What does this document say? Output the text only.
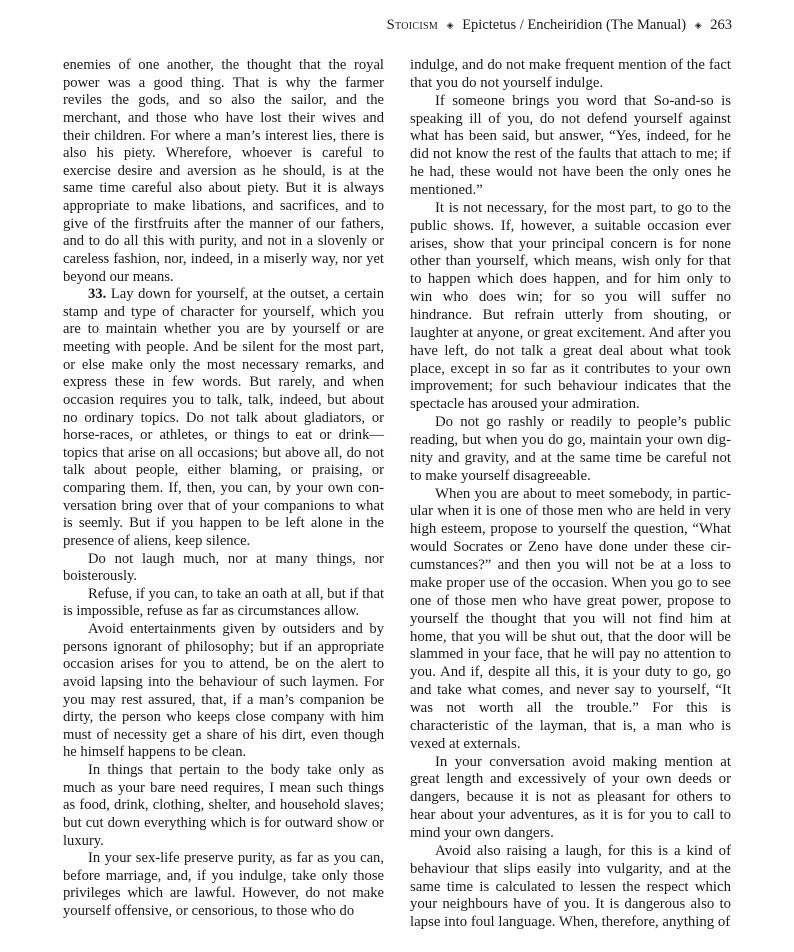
Stoicism ◈ Epictetus / Encheiridion (The Manual) ◈ 263

enemies of one another, the thought that the royal power was a good thing. That is why the farmer reviles the gods, and so also the sailor, and the merchant, and those who have lost their wives and their children. For where a man’s interest lies, there is also his piety. Wherefore, whoever is careful to exercise desire and aversion as he should, is at the same time careful also about piety. But it is always appropriate to make libations, and sacrifices, and to give of the firstfruits after the manner of our fathers, and to do all this with purity, and not in a slovenly or careless fashion, nor, indeed, in a miserly way, nor yet beyond our means.

33. Lay down for yourself, at the outset, a certain stamp and type of character for yourself, which you are to maintain whether you are by yourself or are meeting with people. And be silent for the most part, or else make only the most necessary remarks, and express these in few words. But rarely, and when occasion requires you to talk, talk, indeed, but about no ordinary topics. Do not talk about gladiators, or horse-races, or athletes, or things to eat or drink— topics that arise on all occasions; but above all, do not talk about people, either blaming, or praising, or comparing them. If, then, you can, by your own conversation bring over that of your companions to what is seemly. But if you happen to be left alone in the presence of aliens, keep silence.

Do not laugh much, nor at many things, nor boisterously.

Refuse, if you can, to take an oath at all, but if that is impossible, refuse as far as circumstances allow.

Avoid entertainments given by outsiders and by persons ignorant of philosophy; but if an appropriate occasion arises for you to attend, be on the alert to avoid lapsing into the behaviour of such laymen. For you may rest assured, that, if a man’s companion be dirty, the person who keeps close company with him must of necessity get a share of his dirt, even though he himself happens to be clean.

In things that pertain to the body take only as much as your bare need requires, I mean such things as food, drink, clothing, shelter, and household slaves; but cut down everything which is for outward show or luxury.

In your sex-life preserve purity, as far as you can, before marriage, and, if you indulge, take only those privileges which are lawful. However, do not make yourself offensive, or censorious, to those who do

indulge, and do not make frequent mention of the fact that you do not yourself indulge.

If someone brings you word that So-and-so is speaking ill of you, do not defend yourself against what has been said, but answer, “Yes, indeed, for he did not know the rest of the faults that attach to me; if he had, these would not have been the only ones he mentioned.”

It is not necessary, for the most part, to go to the public shows. If, however, a suitable occasion ever arises, show that your principal concern is for none other than yourself, which means, wish only for that to happen which does happen, and for him only to win who does win; for so you will suffer no hindrance. But refrain utterly from shouting, or laughter at anyone, or great excitement. And after you have left, do not talk a great deal about what took place, except in so far as it contributes to your own improvement; for such behaviour indicates that the spectacle has aroused your admiration.

Do not go rashly or readily to people’s public reading, but when you do go, maintain your own dignity and gravity, and at the same time be careful not to make yourself disagreeable.

When you are about to meet somebody, in particular when it is one of those men who are held in very high esteem, propose to yourself the question, “What would Socrates or Zeno have done under these circumstances?” and then you will not be at a loss to make proper use of the occasion. When you go to see one of those men who have great power, propose to yourself the thought that you will not find him at home, that you will be shut out, that the door will be slammed in your face, that he will pay no attention to you. And if, despite all this, it is your duty to go, go and take what comes, and never say to yourself, “It was not worth all the trouble.” For this is characteristic of the layman, that is, a man who is vexed at externals.

In your conversation avoid making mention at great length and excessively of your own deeds or dangers, because it is not as pleasant for others to hear about your adventures, as it is for you to call to mind your own dangers.

Avoid also raising a laugh, for this is a kind of behaviour that slips easily into vulgarity, and at the same time is calculated to lessen the respect which your neighbours have of you. It is dangerous also to lapse into foul language. When, therefore, anything of
